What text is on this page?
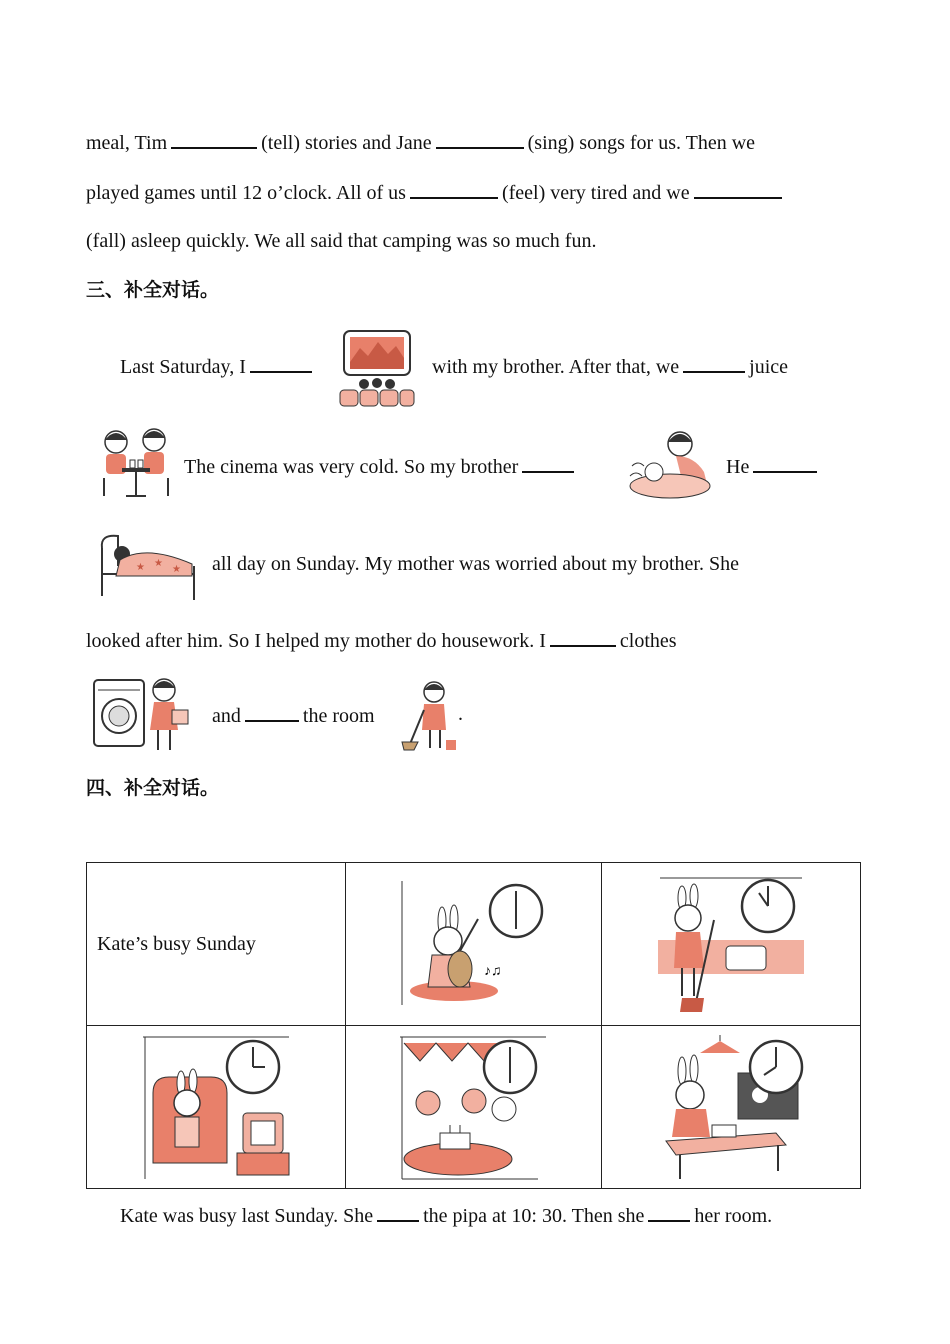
meal, Tim	(tell) stories and Jane	(sing) songs for us. Then we
played games until 12 o’clock. All of us	(feel) very tired and we
(fall) asleep quickly. We all said that camping was so much fun.
三、补全对话。
Last Saturday, I	with my brother. After that, we	juice
The cinema was very cold. So my brother	He
★ ★
★ all day on Sunday. My mother was worried about my brother. She
looked after him. So I helped my mother do housework. I	clothes
and	the room	.
四、补全对话。
Kate’s busy Sunday	♪♫

Kate was busy last Sunday. She	the pipa at 10: 30. Then she	her room.
